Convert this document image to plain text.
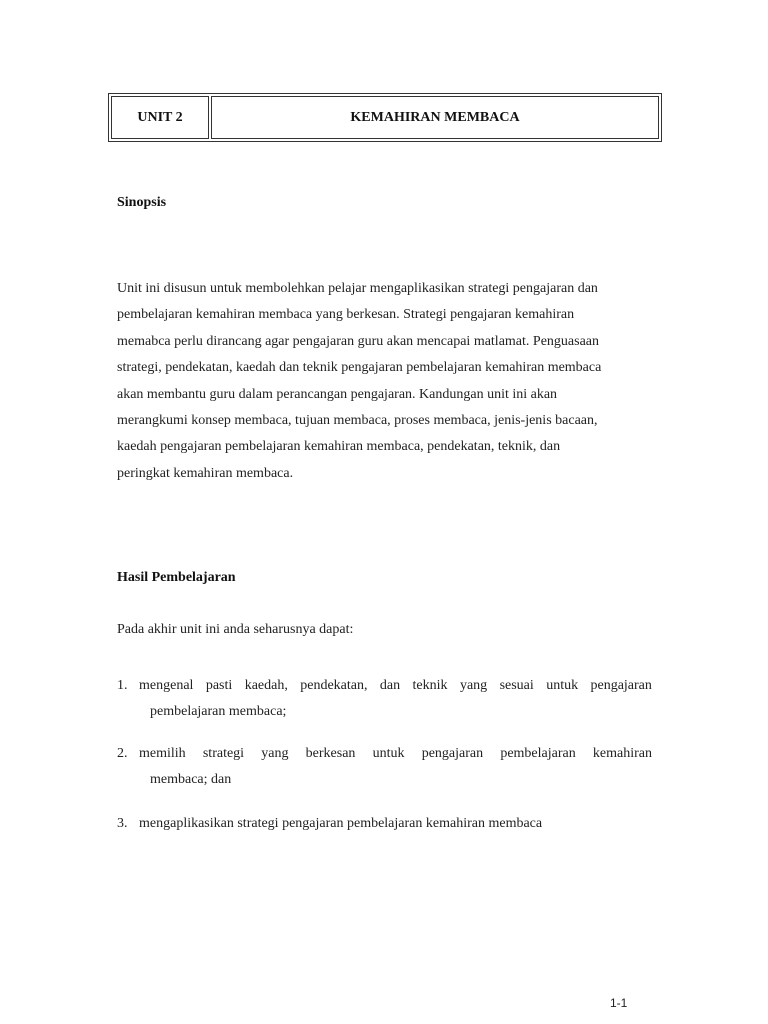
UNIT 2	KEMAHIRAN MEMBACA
Sinopsis

Unit ini disusun untuk membolehkan pelajar mengaplikasikan strategi pengajaran dan
pembelajaran kemahiran membaca yang berkesan. Strategi pengajaran kemahiran
memabca perlu dirancang agar pengajaran guru akan mencapai matlamat. Penguasaan
strategi, pendekatan, kaedah dan teknik pengajaran pembelajaran kemahiran membaca
akan membantu guru dalam perancangan pengajaran. Kandungan unit ini akan
merangkumi konsep membaca, tujuan membaca, proses membaca, jenis-jenis bacaan,
kaedah pengajaran pembelajaran kemahiran membaca, pendekatan, teknik, dan
peringkat kemahiran membaca.

Hasil Pembelajaran
Pada akhir unit ini anda seharusnya dapat:
1. mengenal pasti kaedah, pendekatan, dan teknik yang sesuai untuk pengajaran
pembelajaran membaca;
2. memilih strategi yang berkesan untuk pengajaran pembelajaran kemahiran
membaca; dan
3. mengaplikasikan strategi pengajaran pembelajaran kemahiran membaca
1-1
